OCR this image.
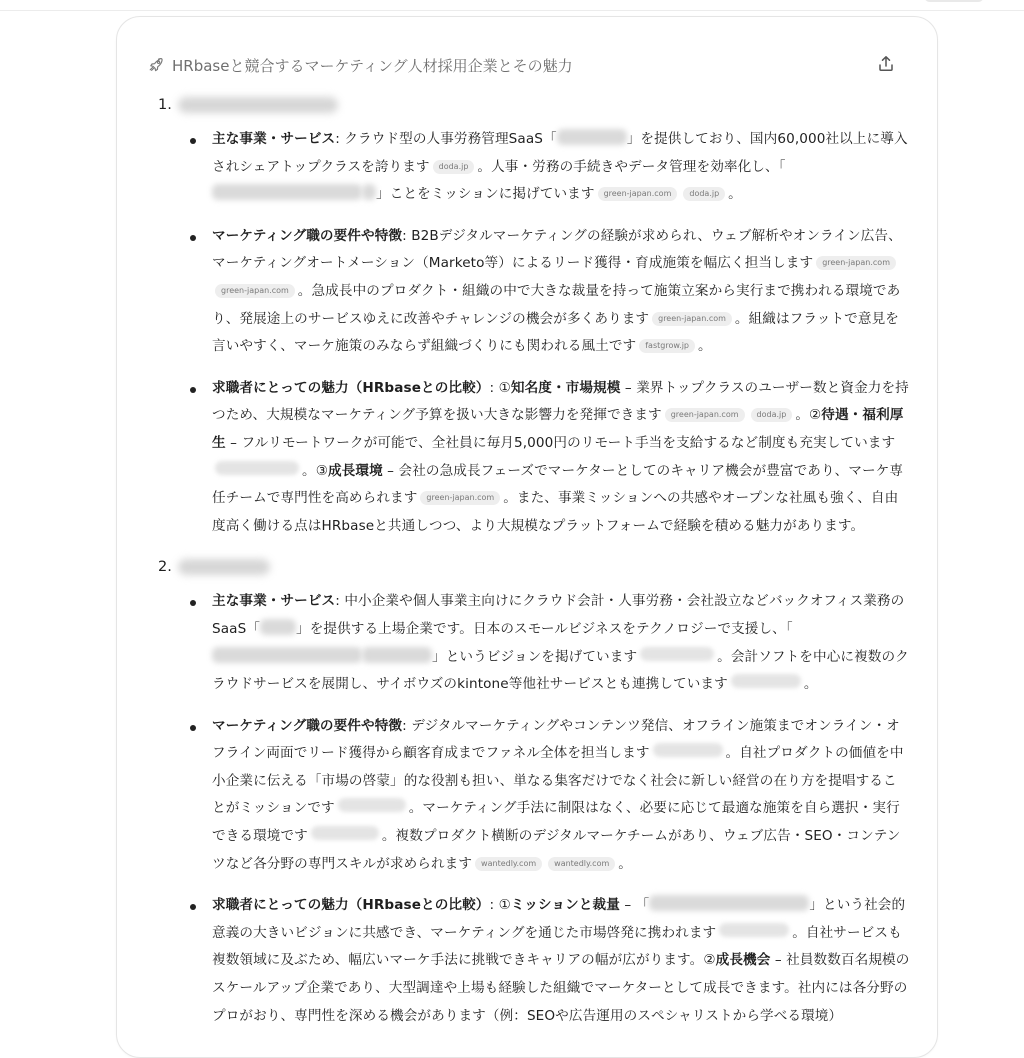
HRbaseと競合するマーケティング人材採用企業とその魅力
1.
主な事業・サービス: クラウド型の人事労務管理SaaS「	」を提供しており、国内60,000社以上に導入されシェアトップクラスを誇ります doda.jp 。人事・労務の手続きやデータ管理を効率化し、「」ことをミッションに掲げています green-japan.com doda.jp 。
マーケティング職の要件や特徴: B2Bデジタルマーケティングの経験が求められ、ウェブ解析やオンライン広告、マーケティングオートメーション（Marketo等）によるリード獲得・育成施策を幅広く担当します green-japan.comgreen-japan.com 。急成長中のプロダクト・組織の中で大きな裁量を持って施策立案から実行まで携われる環境であり、発展途上のサービスゆえに改善やチャレンジの機会が多くあります green-japan.com 。組織はフラットで意見を言いやすく、マーケ施策のみならず組織づくりにも関われる風土です fastgrow.jp 。
求職者にとっての魅力（HRbaseとの比較）: ①知名度・市場規模 – 業界トップクラスのユーザー数と資金力を持つため、大規模なマーケティング予算を扱い大きな影響力を発揮できます green-japan.com doda.jp 。②待遇・福利厚生 – フルリモートワークが可能で、全社員に毎月5,000円のリモート手当を支給するなど制度も充実しています。③成長環境 – 会社の急成長フェーズでマーケターとしてのキャリア機会が豊富であり、マーケ専任チームで専門性を高められます green-japan.com 。また、事業ミッションへの共感やオープンな社風も強く、自由度高く働ける点はHRbaseと共通しつつ、より大規模なプラットフォームで経験を積める魅力があります。
2.
主な事業・サービス: 中小企業や個人事業主向けにクラウド会計・人事労務・会社設立などバックオフィス業務のSaaS「	」を提供する上場企業です。日本のスモールビジネスをテクノロジーで支援し、「」というビジョンを掲げています	。会計ソフトを中心に複数のクラウドサービスを展開し、サイボウズのkintone等他社サービスとも連携しています	。
マーケティング職の要件や特徴: デジタルマーケティングやコンテンツ発信、オフライン施策までオンライン・オフライン両面でリード獲得から顧客育成までファネル全体を担当します	。自社プロダクトの価値を中小企業に伝える「市場の啓蒙」的な役割も担い、単なる集客だけでなく社会に新しい経営の在り方を提唱することがミッションです	。マーケティング手法に制限はなく、必要に応じて最適な施策を自ら選択・実行できる環境です	。複数プロダクト横断のデジタルマーケチームがあり、ウェブ広告・SEO・コンテンツなど各分野の専門スキルが求められます wantedly.com wantedly.com 。
求職者にとっての魅力（HRbaseとの比較）: ①ミッションと裁量 – 「	」という社会的意義の大きいビジョンに共感でき、マーケティングを通じた市場啓発に携われます	。自社サービスも複数領域に及ぶため、幅広いマーケ手法に挑戦できキャリアの幅が広がります。②成長機会 – 社員数数百名規模のスケールアップ企業であり、大型調達や上場も経験した組織でマーケターとして成長できます。社内には各分野のプロがおり、専門性を深める機会があります（例：SEOや広告運用のスペシャリストから学べる環境）
